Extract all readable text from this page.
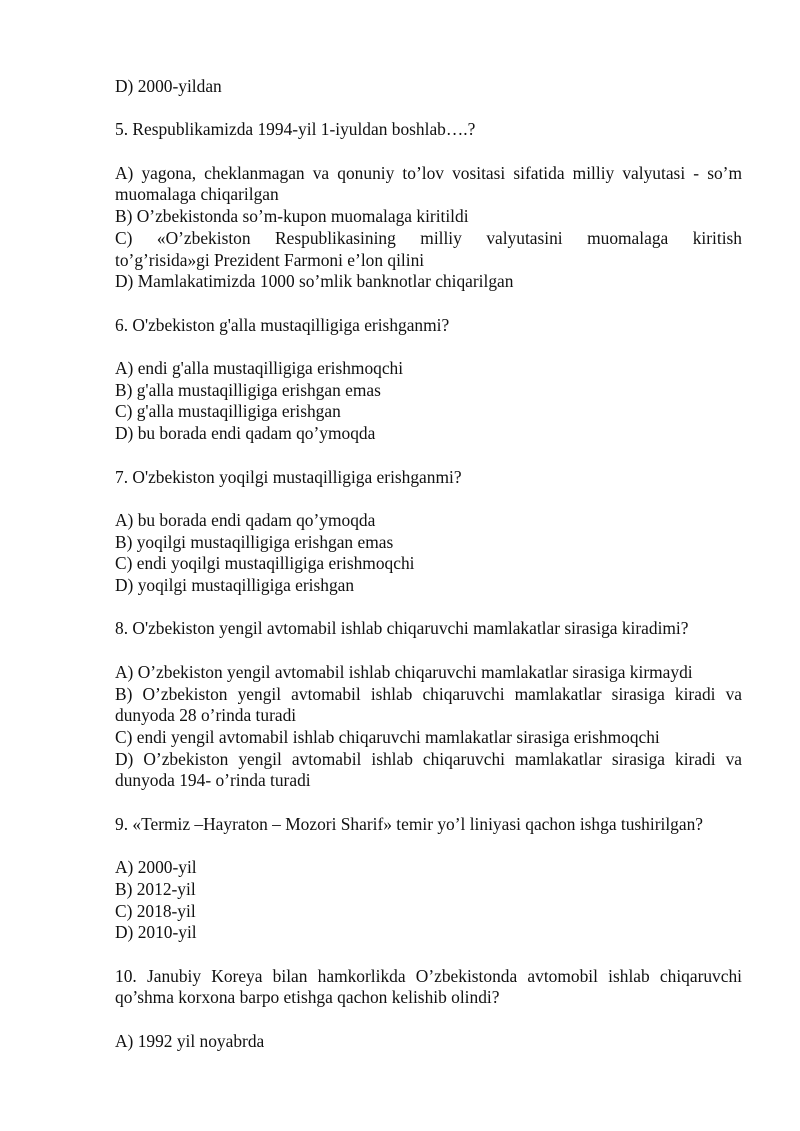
D) 2000-yildan
5. Respublikamizda 1994-yil 1-iyuldan boshlab….?
A) yagona, cheklanmagan va qonuniy to’lov vositasi sifatida milliy valyutasi - so’m
muomalaga chiqarilgan
B) O’zbekistonda so’m-kupon muomalaga kiritildi
C) «O’zbekiston Respublikasining milliy valyutasini muomalaga kiritish
to’g’risida»gi Prezident Farmoni e’lon qilini
D) Mamlakatimizda 1000 so’mlik banknotlar chiqarilgan
6. O'zbekiston g'alla mustaqilligiga erishganmi?
A) endi g'alla mustaqilligiga erishmoqchi
B) g'alla mustaqilligiga erishgan emas
C) g'alla mustaqilligiga erishgan
D) bu borada endi qadam qo’ymoqda
7. O'zbekiston yoqilgi mustaqilligiga erishganmi?
A) bu borada endi qadam qo’ymoqda
B) yoqilgi mustaqilligiga erishgan emas
C) endi yoqilgi mustaqilligiga erishmoqchi
D) yoqilgi mustaqilligiga erishgan
8. O'zbekiston yengil avtomabil ishlab chiqaruvchi mamlakatlar sirasiga kiradimi?
A) O’zbekiston yengil avtomabil ishlab chiqaruvchi mamlakatlar sirasiga kirmaydi
B) O’zbekiston yengil avtomabil ishlab chiqaruvchi mamlakatlar sirasiga kiradi va
dunyoda 28 o’rinda turadi
C) endi yengil avtomabil ishlab chiqaruvchi mamlakatlar sirasiga erishmoqchi
D) O’zbekiston yengil avtomabil ishlab chiqaruvchi mamlakatlar sirasiga kiradi va
dunyoda 194- o’rinda turadi
9. «Termiz –Hayraton – Mozori Sharif» temir yo’l liniyasi qachon ishga tushirilgan?
A) 2000-yil
B) 2012-yil
C) 2018-yil
D) 2010-yil
10. Janubiy Koreya bilan hamkorlikda O’zbekistonda avtomobil ishlab chiqaruvchi
qo’shma korxona barpo etishga qachon kelishib olindi?
A) 1992 yil noyabrda
